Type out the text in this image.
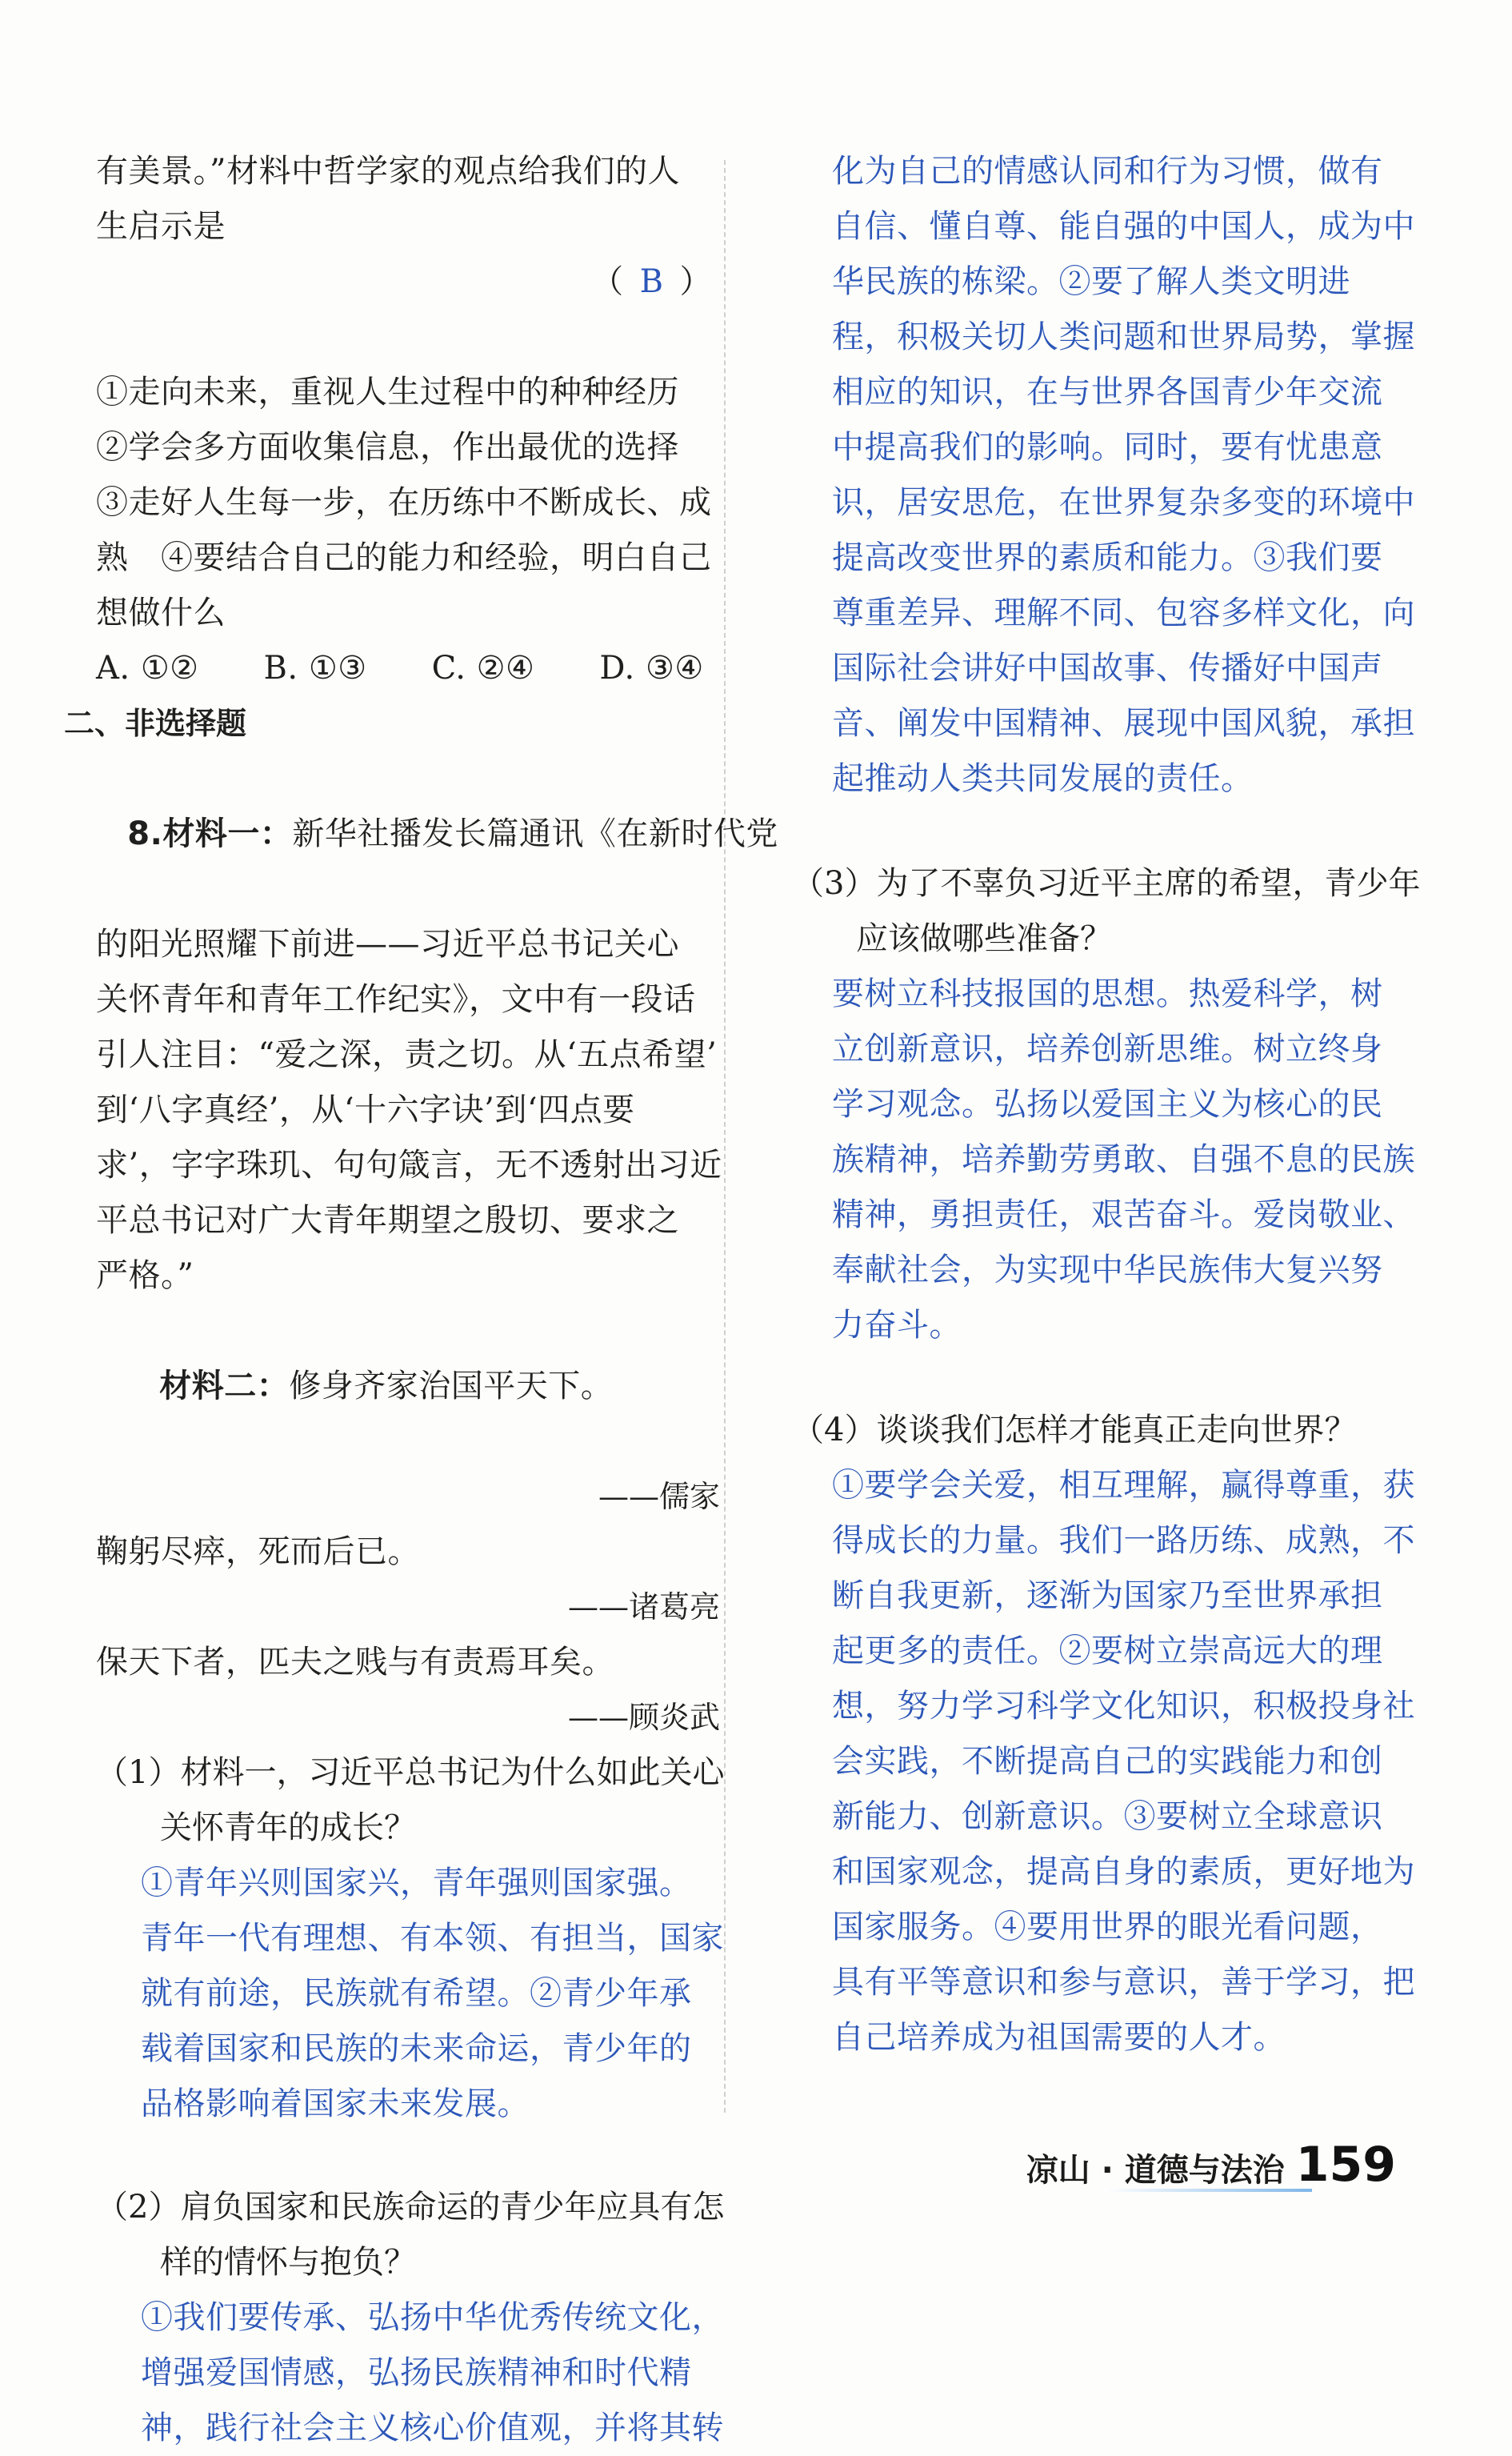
有美景。”材料中哲学家的观点给我们的人
生启示是

（ B ）

①走向未来，重视人生过程中的种种经历
②学会多方面收集信息，作出最优的选择
③走好人生每一步，在历练中不断成长、成
熟　④要结合自己的能力和经验，明白自己
想做什么
A. ①②　　B. ①③　　C. ②④　　D. ③④
二、非选择题

8.材料一：新华社播发长篇通讯《在新时代党

的阳光照耀下前进——习近平总书记关心
关怀青年和青年工作纪实》，文中有一段话
引人注目：“爱之深，责之切。从‘五点希望’
到‘八字真经’，从‘十六字诀’到‘四点要
求’，字字珠玑、句句箴言，无不透射出习近
平总书记对广大青年期望之殷切、要求之
严格。”

材料二：修身齐家治国平天下。

——儒家
鞠躬尽瘁，死而后已。
——诸葛亮
保天下者，匹夫之贱与有责焉耳矣。
——顾炎武
（1）材料一，习近平总书记为什么如此关心
　　关怀青年的成长？
①青年兴则国家兴，青年强则国家强。
青年一代有理想、有本领、有担当，国家
就有前途，民族就有希望。②青少年承
载着国家和民族的未来命运，青少年的
品格影响着国家未来发展。
（2）肩负国家和民族命运的青少年应具有怎
　　样的情怀与抱负？
①我们要传承、弘扬中华优秀传统文化，
增强爱国情感，弘扬民族精神和时代精
神，践行社会主义核心价值观，并将其转
化为自己的情感认同和行为习惯，做有
自信、懂自尊、能自强的中国人，成为中
华民族的栋梁。②要了解人类文明进
程，积极关切人类问题和世界局势，掌握
相应的知识，在与世界各国青少年交流
中提高我们的影响。同时，要有忧患意
识，居安思危，在世界复杂多变的环境中
提高改变世界的素质和能力。③我们要
尊重差异、理解不同、包容多样文化，向
国际社会讲好中国故事、传播好中国声
音、阐发中国精神、展现中国风貌，承担
起推动人类共同发展的责任。
（3）为了不辜负习近平主席的希望，青少年
　　应该做哪些准备？
要树立科技报国的思想。热爱科学，树
立创新意识，培养创新思维。树立终身
学习观念。弘扬以爱国主义为核心的民
族精神，培养勤劳勇敢、自强不息的民族
精神，勇担责任，艰苦奋斗。爱岗敬业、
奉献社会，为实现中华民族伟大复兴努
力奋斗。
（4）谈谈我们怎样才能真正走向世界？
①要学会关爱，相互理解，赢得尊重，获
得成长的力量。我们一路历练、成熟，不
断自我更新，逐渐为国家乃至世界承担
起更多的责任。②要树立崇高远大的理
想，努力学习科学文化知识，积极投身社
会实践，不断提高自己的实践能力和创
新能力、创新意识。③要树立全球意识
和国家观念，提高自身的素质，更好地为
国家服务。④要用世界的眼光看问题，
具有平等意识和参与意识，善于学习，把
自己培养成为祖国需要的人才。
凉山 · 道德与法治 159
